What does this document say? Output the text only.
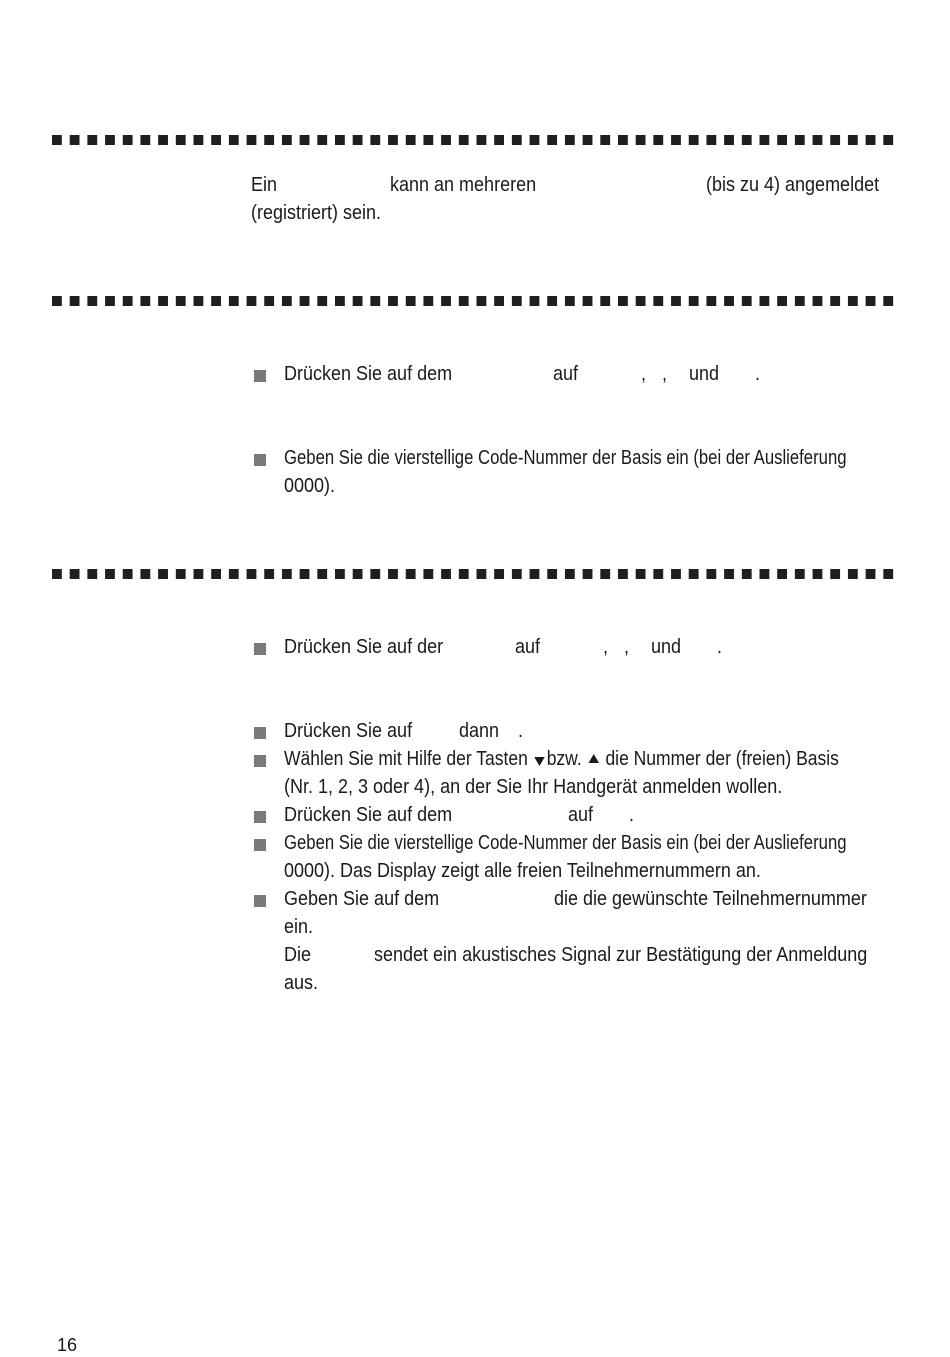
Ein	kann an mehreren	(bis zu 4) angemeldet
(registriert) sein.
Drücken Sie auf dem	auf	, , und .
Geben Sie die vierstellige Code-Nummer der Basis ein (bei der Auslieferung
0000).
Drücken Sie auf der	auf	, , und .
Drücken Sie auf dann .
Wählen Sie mit Hilfe der Tasten bzw. die Nummer der (freien) Basis
(Nr. 1, 2, 3 oder 4), an der Sie Ihr Handgerät anmelden wollen.
Drücken Sie auf dem	auf .
Geben Sie die vierstellige Code-Nummer der Basis ein (bei der Auslieferung
0000). Das Display zeigt alle freien Teilnehmernummern an.
Geben Sie auf dem	die die gewünschte Teilnehmernummer
ein.
Die	sendet ein akustisches Signal zur Bestätigung der Anmeldung
aus.
16
